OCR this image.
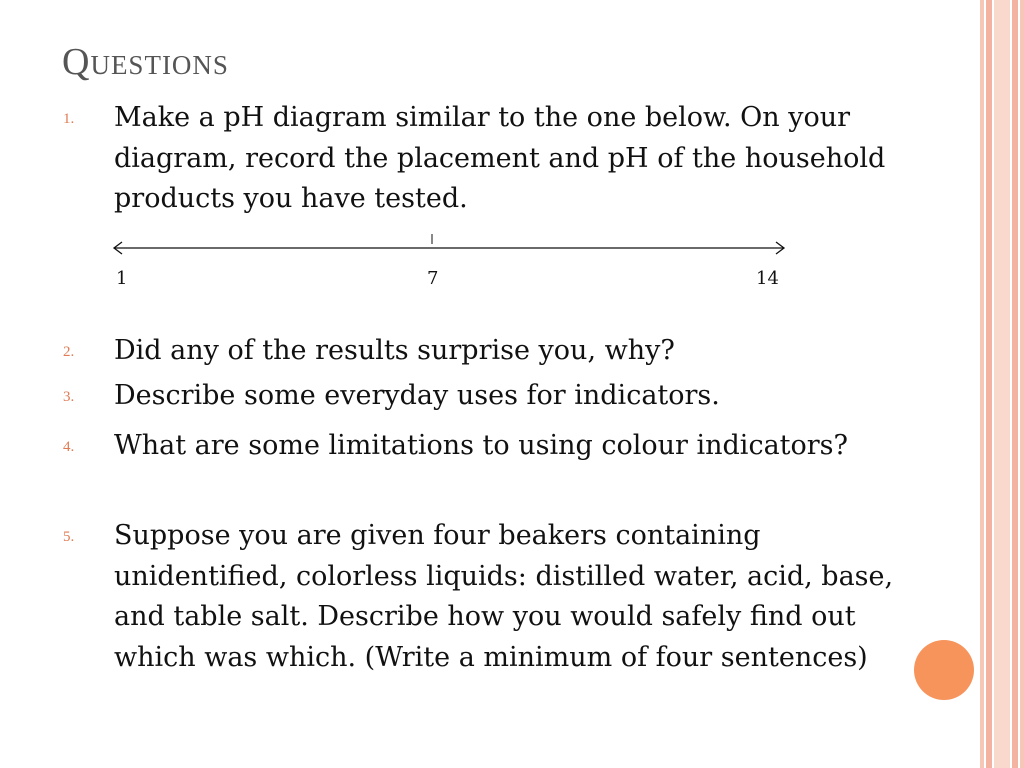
Questions
1. Make a pH diagram similar to the one below. On your diagram, record the placement and pH of the household products you have tested.
1	7	14
2. Did any of the results surprise you, why?
3. Describe some everyday uses for indicators.
4. What are some limitations to using colour indicators?
5. Suppose you are given four beakers containing unidentified, colorless liquids: distilled water, acid, base, and table salt. Describe how you would safely find out which was which. (Write a minimum of four sentences)
